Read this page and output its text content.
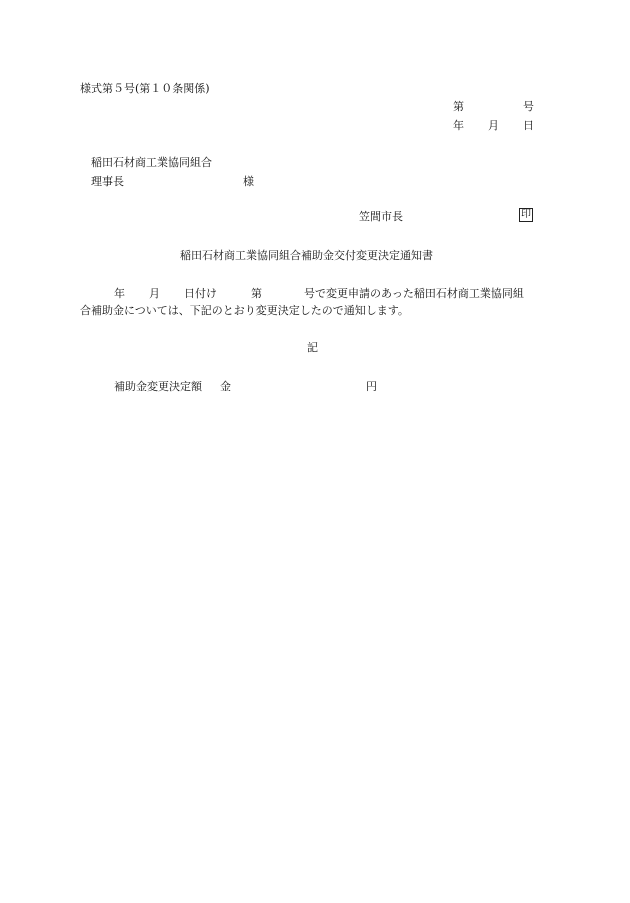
様式第５号(第１０条関係)
第	号
年 月 日
稲田石材商工業協同組合
理事長	様
笠間市長	印
稲田石材商工業協同組合補助金交付変更決定通知書
年 月 日付け	第	号で変更申請のあった稲田石材商工業協同組
合補助金については、下記のとおり変更決定したので通知します。
記
補助金変更決定額 金	円
